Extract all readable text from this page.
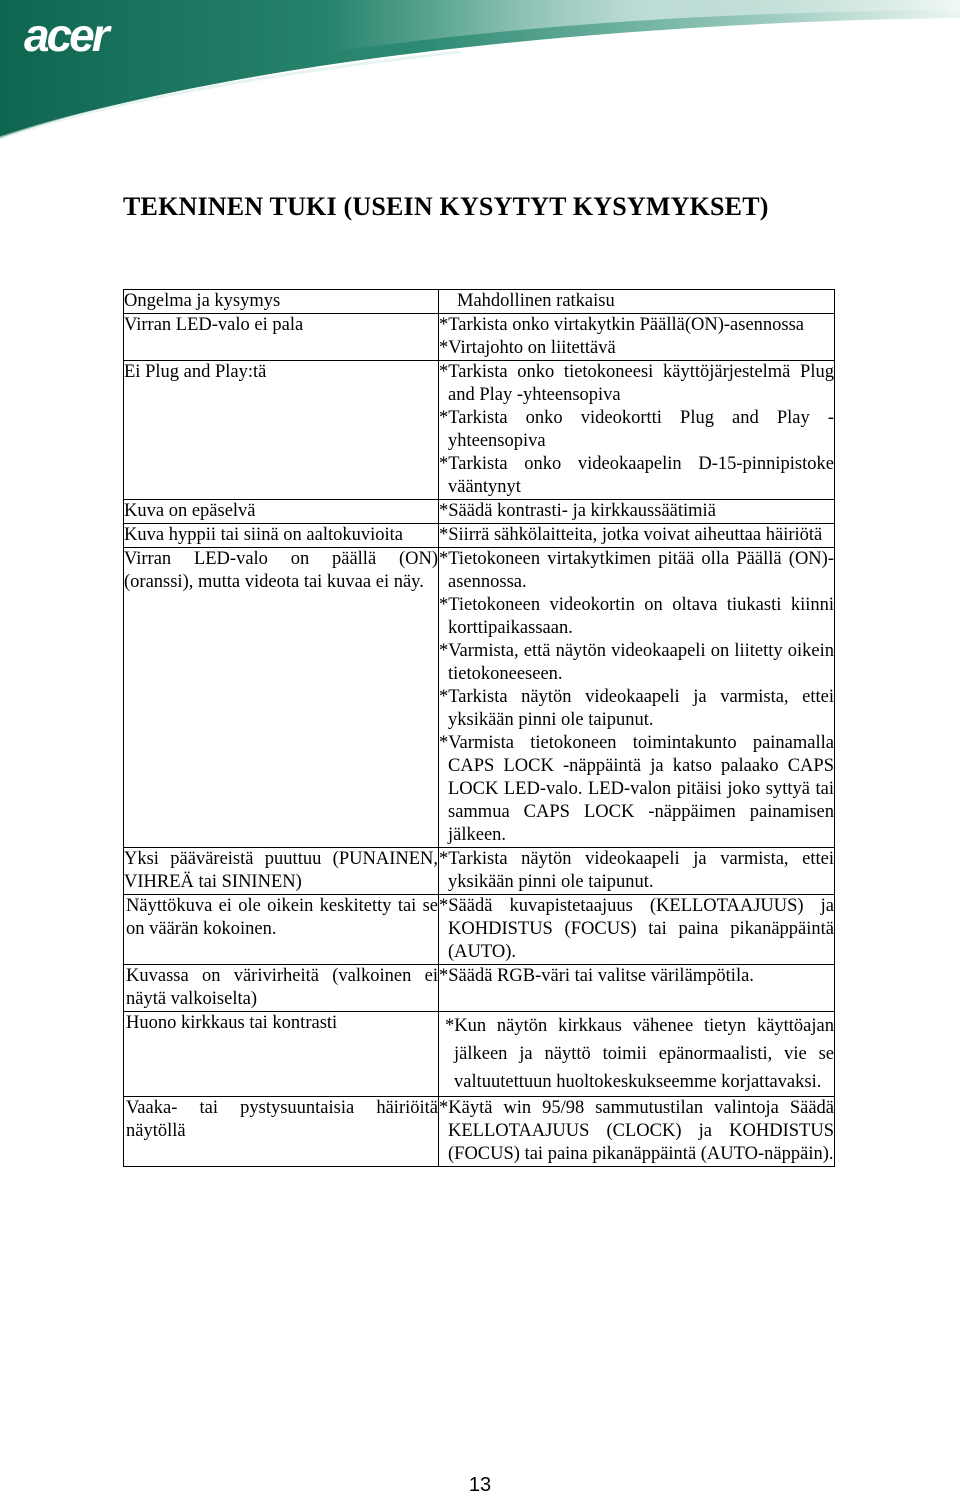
acer
TEKNINEN TUKI (USEIN KYSYTYT KYSYMYKSET)
Ongelma ja kysymys	Mahdollinen ratkaisu
Virran LED-valo ei pala	*Tarkista onko virtakytkin Päällä(ON)-asennossa
*Virtajohto on liitettävä

Ei Plug and Play:tä	*Tarkista onko tietokoneesi käyttöjärjestelmä Plug and Play -yhteensopiva
*Tarkista onko videokortti Plug and Play -yhteensopiva
*Tarkista onko videokaapelin D-15-pinnipistoke vääntynyt

Kuva on epäselvä	*Säädä kontrasti- ja kirkkaussäätimiä

Kuva hyppii tai siinä on aaltokuvioita	*Siirrä sähkölaitteita, jotka voivat aiheuttaa häiriötä

Virran LED-valo on päällä (ON) (oranssi), mutta videota tai kuvaa ei näy.	*Tietokoneen virtakytkimen pitää olla Päällä (ON)-asennossa.
*Tietokoneen videokortin on oltava tiukasti kiinni korttipaikassaan.
*Varmista, että näytön videokaapeli on liitetty oikein tietokoneeseen.
*Tarkista näytön videokaapeli ja varmista, ettei yksikään pinni ole taipunut.
*Varmista tietokoneen toimintakunto painamalla CAPS LOCK -näppäintä ja katso palaako CAPS LOCK LED-valo. LED-valon pitäisi joko syttyä tai sammua CAPS LOCK -näppäimen painamisen jälkeen.

Yksi pääväreistä puuttuu (PUNAINEN, VIHREÄ tai SININEN)	*Tarkista näytön videokaapeli ja varmista, ettei yksikään pinni ole taipunut.

Näyttökuva ei ole oikein keskitetty tai se on väärän kokoinen.	*Säädä kuvapistetaajuus (KELLOTAAJUUS) ja KOHDISTUS (FOCUS) tai paina pikanäppäintä (AUTO).

Kuvassa on värivirheitä (valkoinen ei näytä valkoiselta)	*Säädä RGB-väri tai valitse värilämpötila.

Huono kirkkaus tai kontrasti	*Kun näytön kirkkaus vähenee tietyn käyttöajan jälkeen ja näyttö toimii epänormaalisti, vie se valtuutettuun huoltokeskukseemme korjattavaksi.

Vaaka- tai pystysuuntaisia häiriöitä näytöllä	*Käytä win 95/98 sammutustilan valintoja Säädä KELLOTAAJUUS (CLOCK) ja KOHDISTUS (FOCUS) tai paina pikanäppäintä (AUTO-näppäin).
13
